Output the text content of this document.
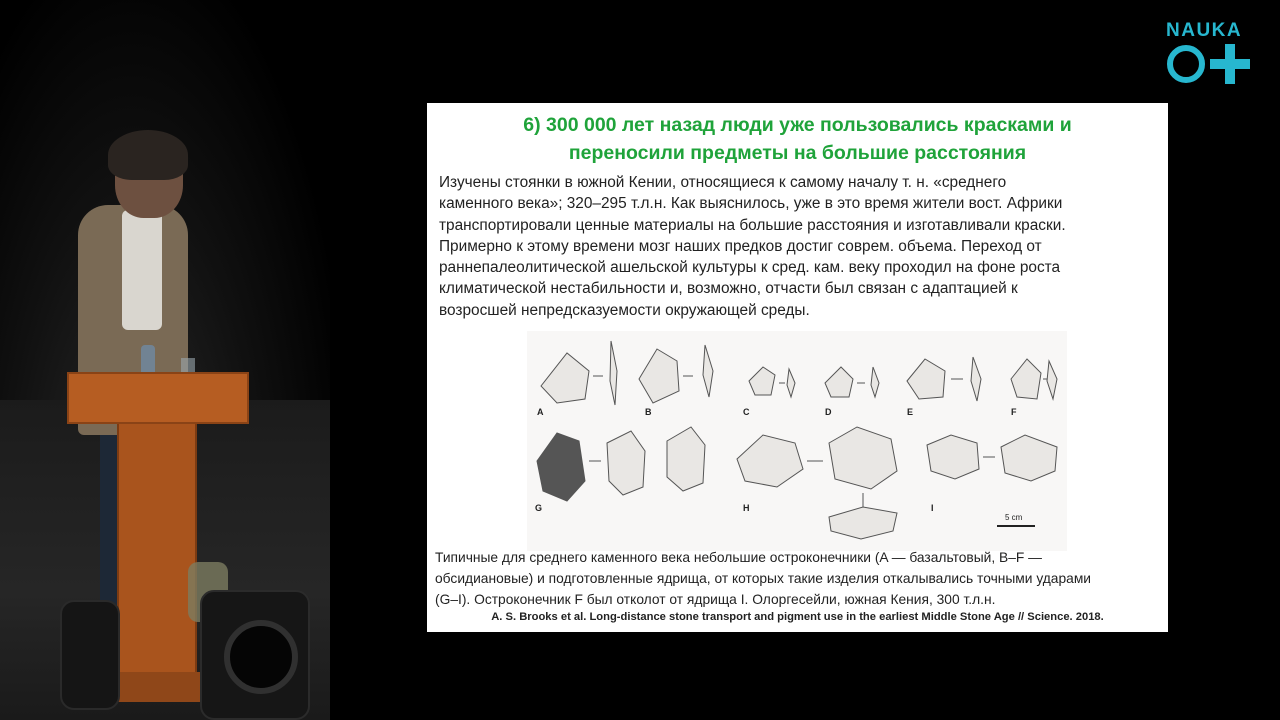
6) 300 000 лет назад люди уже пользовались красками и
переносили предметы на большие расстояния
Изучены стоянки в южной Кении, относящиеся к самому началу т. н. «среднего
каменного века»; 320–295 т.л.н. Как выяснилось, уже в это время жители вост. Африки
транспортировали ценные материалы на большие расстояния и изготавливали краски.
Примерно к этому времени мозг наших предков достиг соврем. объема. Переход от
раннепалеолитической ашельской культуры к сред. кам. веку проходил на фоне роста
климатической нестабильности и, возможно, отчасти был связан с адаптацией к
возросшей непредсказуемости окружающей среды.
A	B	C	D	E	F
G	H	I
5 cm
Типичные для среднего каменного века небольшие остроконечники (A — базальтовый, B–F —
обсидиановые) и подготовленные ядрища, от которых такие изделия откалывались точными ударами
(G–I). Остроконечник F был отколот от ядрища I. Олоргесейли, южная Кения, 300 т.л.н.
A. S. Brooks et al. Long-distance stone transport and pigment use in the earliest Middle Stone Age // Science. 2018.
NAUKA
